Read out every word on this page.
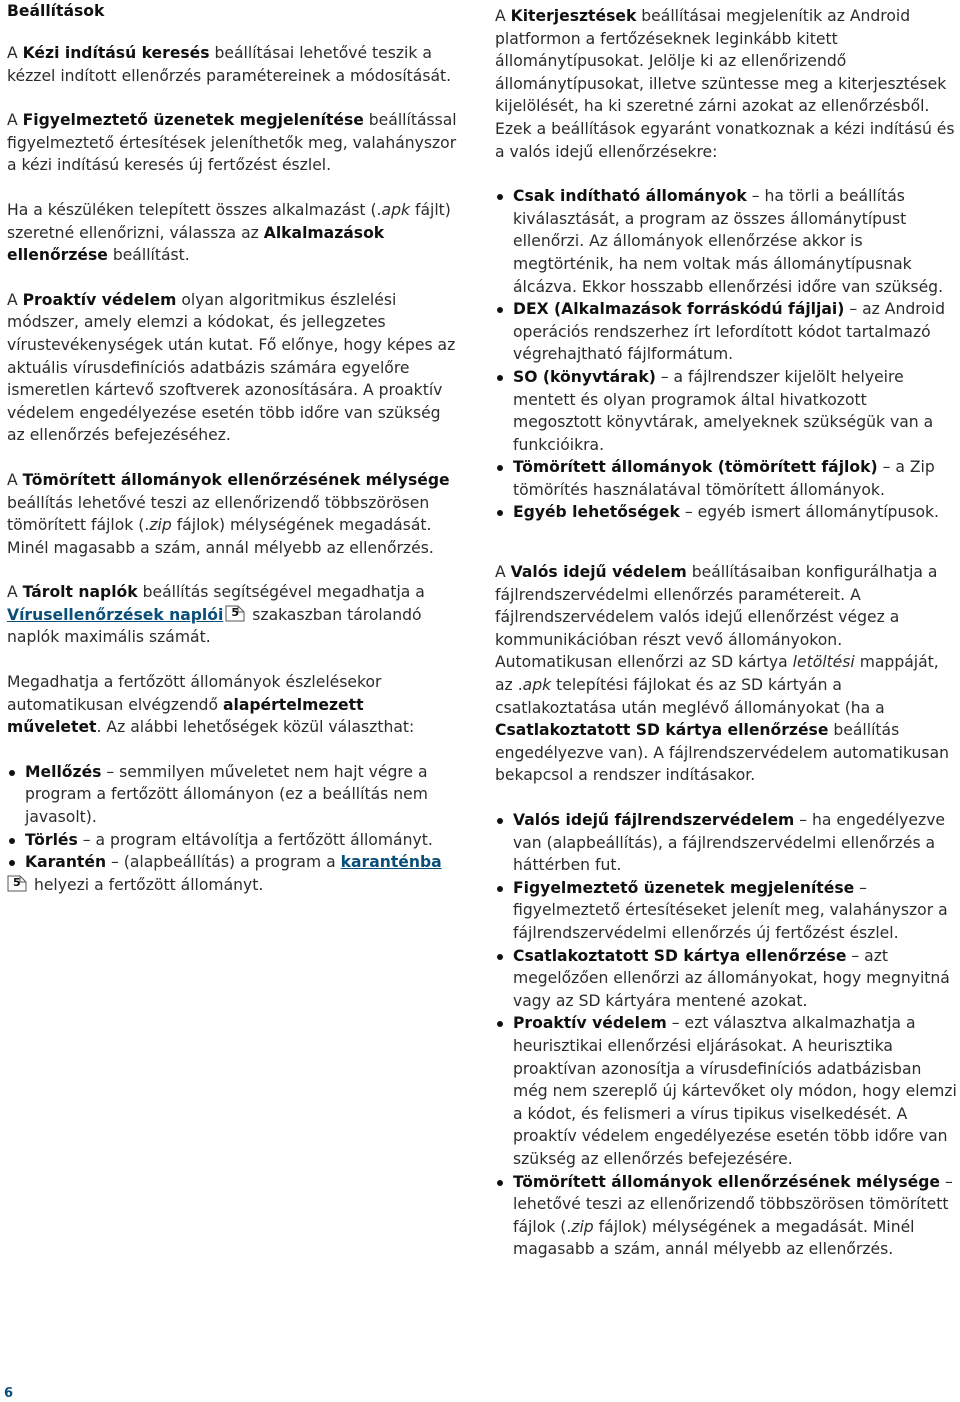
Beállítások

A Kézi indítású keresés beállításai lehetővé teszik a kézzel indított ellenőrzés paramétereinek a módosítását.

A Figyelmeztető üzenetek megjelenítése beállítással figyelmeztető értesítések jeleníthetők meg, valahányszor a kézi indítású keresés új fertőzést észlel.

Ha a készüléken telepített összes alkalmazást (.apk fájlt) szeretné ellenőrizni, válassza az Alkalmazások ellenőrzése beállítást.

A Proaktív védelem olyan algoritmikus észlelési módszer, amely elemzi a kódokat, és jellegzetes vírustevékenységek után kutat. Fő előnye, hogy képes az aktuális vírusdefiníciós adatbázis számára egyelőre ismeretlen kártevő szoftverek azonosítására. A proaktív védelem engedélyezése esetén több időre van szükség az ellenőrzés befejezéséhez.

A Tömörített állományok ellenőrzésének mélysége beállítás lehetővé teszi az ellenőrizendő többszörösen tömörített fájlok (.zip fájlok) mélységének megadását. Minél magasabb a szám, annál mélyebb az ellenőrzés.

A Tárolt naplók beállítás segítségével megadhatja a Vírusellenőrzések naplói 5 szakaszban tárolandó naplók maximális számát.

Megadhatja a fertőzött állományok észlelésekor automatikusan elvégzendő alapértelmezett műveletet. Az alábbi lehetőségek közül választhat:

Mellőzés – semmilyen műveletet nem hajt végre a program a fertőzött állományon (ez a beállítás nem javasolt).
Törlés – a program eltávolítja a fertőzött állományt.
Karantén – (alapbeállítás) a program a karanténba

5 helyezi a fertőzött állományt.

A Kiterjesztések beállításai megjelenítik az Android platformon a fertőzéseknek leginkább kitett állománytípusokat. Jelölje ki az ellenőrizendő állománytípusokat, illetve szüntesse meg a kiterjesztések kijelölését, ha ki szeretné zárni azokat az ellenőrzésből. Ezek a beállítások egyaránt vonatkoznak a kézi indítású és a valós idejű ellenőrzésekre:

Csak indítható állományok – ha törli a beállítás kiválasztását, a program az összes állománytípust ellenőrzi. Az állományok ellenőrzése akkor is megtörténik, ha nem voltak más állománytípusnak álcázva. Ekkor hosszabb ellenőrzési időre van szükség.
DEX (Alkalmazások forráskódú fájljai) – az Android operációs rendszerhez írt lefordított kódot tartalmazó végrehajtható fájlformátum.
SO (könyvtárak) – a fájlrendszer kijelölt helyeire mentett és olyan programok által hivatkozott megosztott könyvtárak, amelyeknek szükségük van a funkcióikra.
Tömörített állományok (tömörített fájlok) – a Zip tömörítés használatával tömörített állományok.
Egyéb lehetőségek – egyéb ismert állománytípusok.

A Valós idejű védelem beállításaiban konfigurálhatja a fájlrendszervédelmi ellenőrzés paramétereit. A fájlrendszervédelem valós idejű ellenőrzést végez a kommunikációban részt vevő állományokon. Automatikusan ellenőrzi az SD kártya letöltési mappáját, az .apk telepítési fájlokat és az SD kártyán a csatlakoztatása után meglévő állományokat (ha a Csatlakoztatott SD kártya ellenőrzése beállítás engedélyezve van). A fájlrendszervédelem automatikusan bekapcsol a rendszer indításakor.

Valós idejű fájlrendszervédelem – ha engedélyezve van (alapbeállítás), a fájlrendszervédelmi ellenőrzés a háttérben fut.
Figyelmeztető üzenetek megjelenítése – figyelmeztető értesítéseket jelenít meg, valahányszor a fájlrendszervédelmi ellenőrzés új fertőzést észlel.
Csatlakoztatott SD kártya ellenőrzése – azt megelőzően ellenőrzi az állományokat, hogy megnyitná vagy az SD kártyára mentené azokat.
Proaktív védelem – ezt választva alkalmazhatja a heurisztikai ellenőrzési eljárásokat. A heurisztika proaktívan azonosítja a vírusdefiníciós adatbázisban még nem szereplő új kártevőket oly módon, hogy elemzi a kódot, és felismeri a vírus tipikus viselkedését. A proaktív védelem engedélyezése esetén több időre van szükség az ellenőrzés befejezésére.
Tömörített állományok ellenőrzésének mélysége – lehetővé teszi az ellenőrizendő többszörösen tömörített fájlok (.zip fájlok) mélységének a megadását. Minél magasabb a szám, annál mélyebb az ellenőrzés.
6
